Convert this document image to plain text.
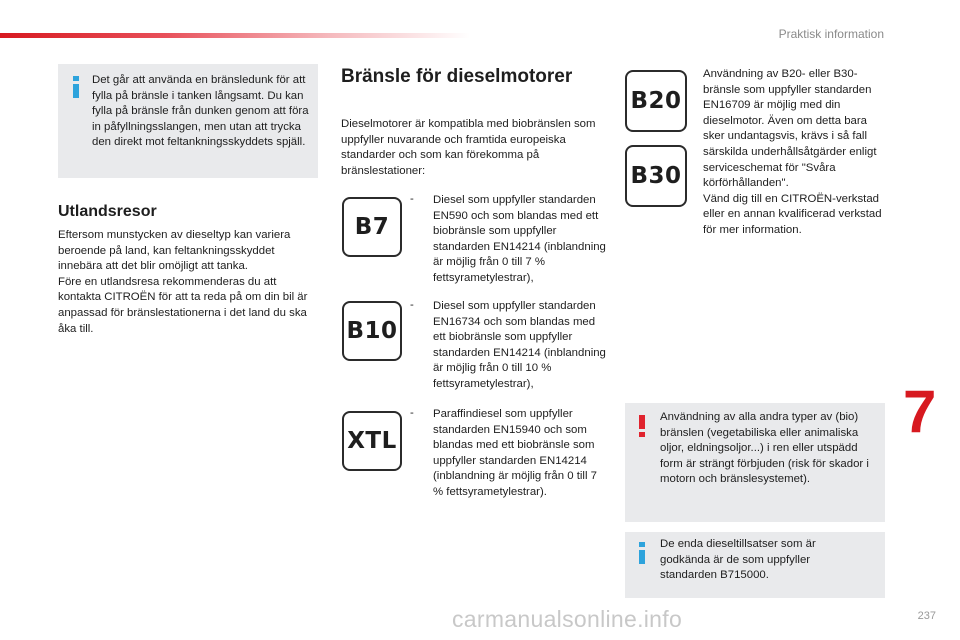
Praktisk information

Det går att använda en bränsledunk för att fylla på bränsle i tanken långsamt. Du kan fylla på bränsle från dunken genom att föra in påfyllningsslangen, men utan att trycka den direkt mot feltankningsskyddets spjäll.

Utlandsresor

Eftersom munstycken av dieseltyp kan variera beroende på land, kan feltankningsskyddet innebära att det blir omöjligt att tanka.
Före en utlandsresa rekommenderas du att kontakta CITROËN för att ta reda på om din bil är anpassad för bränslestationerna i det land du ska åka till.

Bränsle för dieselmotorer

Dieselmotorer är kompatibla med biobränslen som uppfyller nuvarande och framtida europeiska standarder och som kan förekomma på bränslestationer:

B7
- Diesel som uppfyller standarden EN590 och som blandas med ett biobränsle som uppfyller standarden EN14214 (inblandning är möjlig från 0 till 7 % fettsyrametylestrar),

B10
- Diesel som uppfyller standarden EN16734 och som blandas med ett biobränsle som uppfyller standarden EN14214 (inblandning är möjlig från 0 till 10 % fettsyrametylestrar),

XTL
- Paraffindiesel som uppfyller standarden EN15940 och som blandas med ett biobränsle som uppfyller standarden EN14214 (inblandning är möjlig från 0 till 7 % fettsyrametylestrar).

B20
B30

Användning av B20- eller B30-bränsle som uppfyller standarden EN16709 är möjlig med din dieselmotor. Även om detta bara sker undantagsvis, krävs i så fall särskilda underhållsåtgärder enligt serviceschemat för "Svåra körförhållanden".
Vänd dig till en CITROËN-verkstad eller en annan kvalificerad verkstad för mer information.

Användning av alla andra typer av (bio) bränslen (vegetabiliska eller animaliska oljor, eldningsoljor...) i ren eller utspädd form är strängt förbjuden (risk för skador i motorn och bränslesystemet).

De enda dieseltillsatser som är godkända är de som uppfyller standarden B715000.

7
carmanualsonline.info	237
